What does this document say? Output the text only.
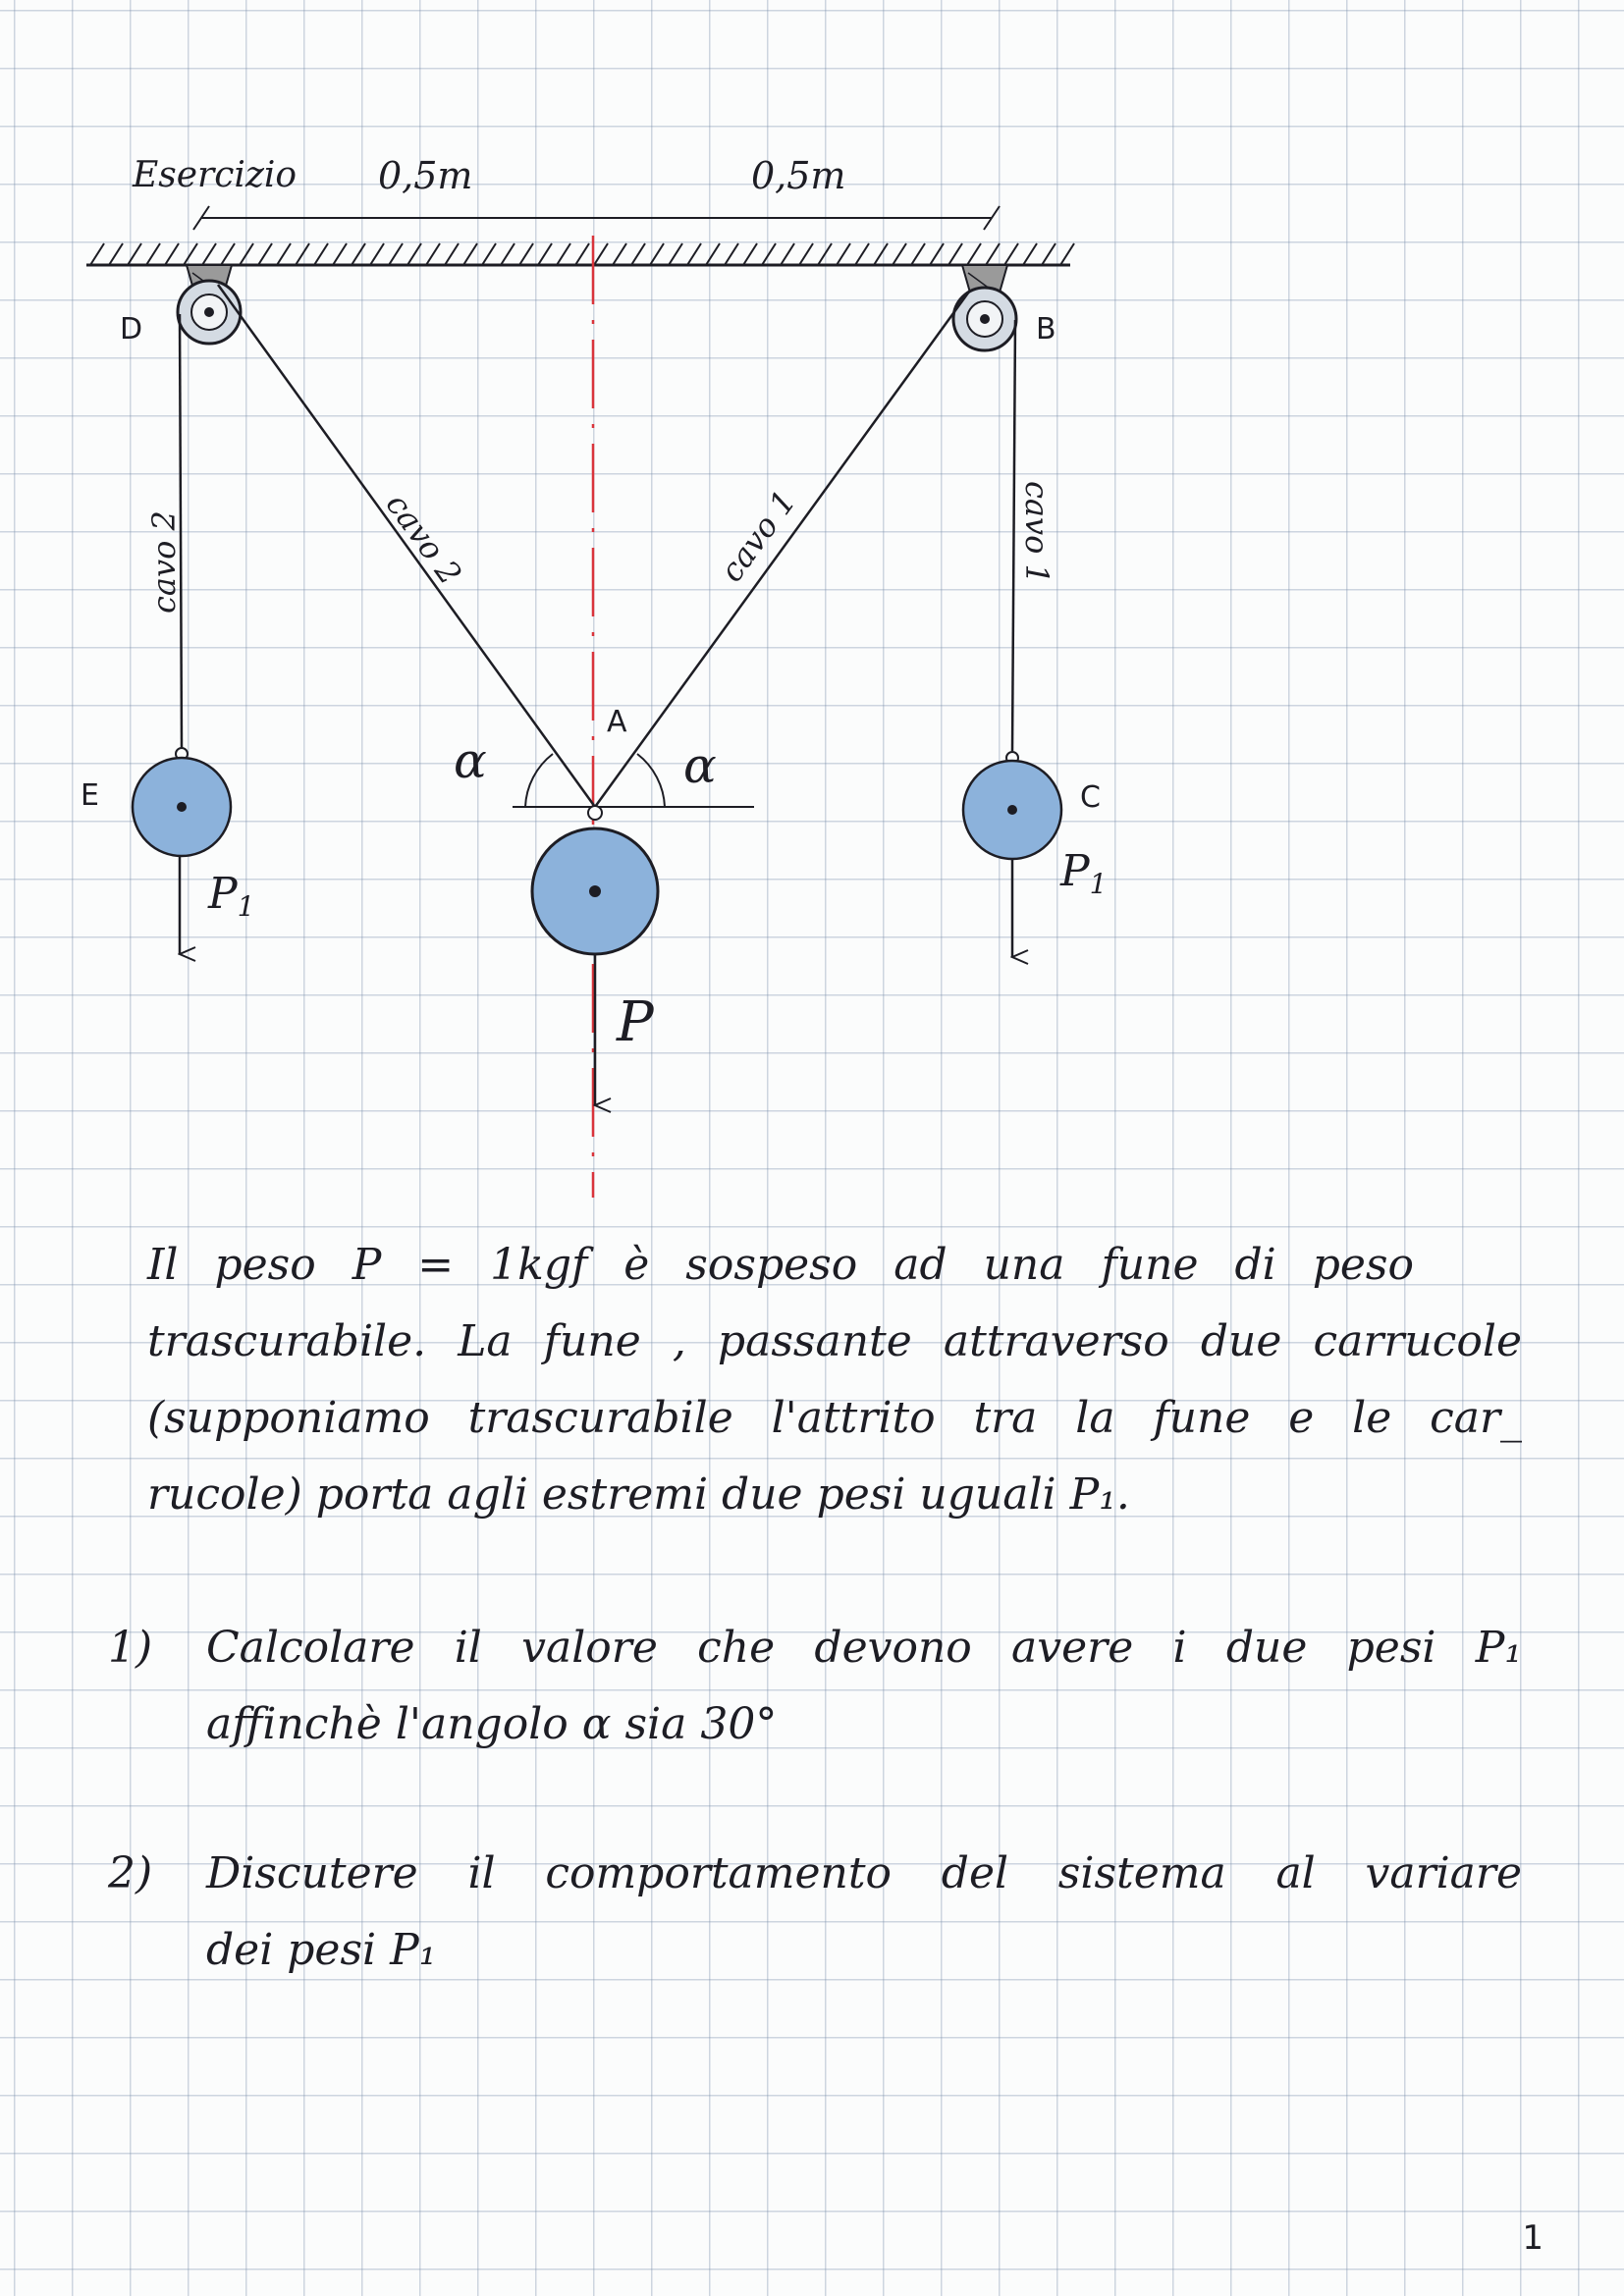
Esercizio 0,5m	0,5m
cavo 2	cavo 2	cavo 1	cavo 1
D	B
A
E	C
α	α
P1
P
P1
Il peso P = 1kgf è sospeso ad una fune di peso
trascurabile. La fune , passante attraverso due carrucole
(supponiamo trascurabile l'attrito tra la fune e le car_
rucole) porta agli estremi due pesi uguali P₁.
1) Calcolare il valore che devono avere i due pesi P₁
affinchè l'angolo α sia 30°
2) Discutere il comportamento del sistema al variare
dei pesi P₁
1
